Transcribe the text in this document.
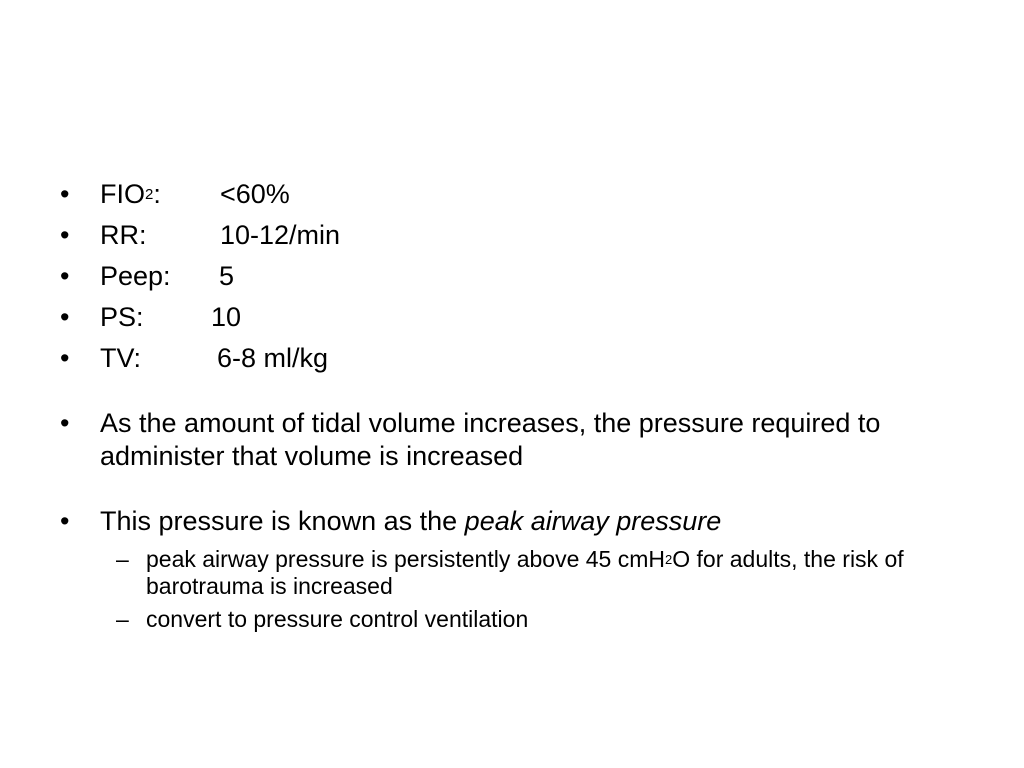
• $FIO_2$: <60%
• RR:	10-12/min
• Peep: 5
• PS: 10
• TV:	6-8 ml/kg
• As the amount of tidal volume increases, the pressure required to administer that volume is increased
• This pressure is known as the peak airway pressure
– peak airway pressure is persistently above 45 cmH$_2$O for adults, the risk of barotrauma is increased
– convert to pressure control ventilation
